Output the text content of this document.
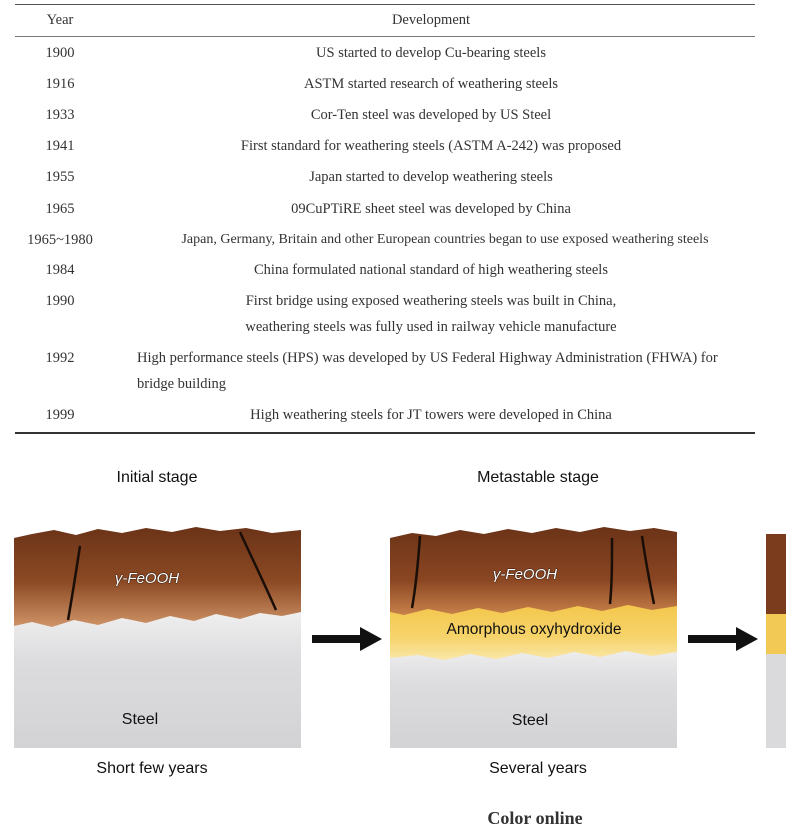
Year	Development
1900	US started to develop Cu-bearing steels
1916	ASTM started research of weathering steels
1933	Cor-Ten steel was developed by US Steel
1941	First standard for weathering steels (ASTM A-242) was proposed
1955	Japan started to develop weathering steels
1965	09CuPTiRE sheet steel was developed by China
1965~1980	Japan, Germany, Britain and other European countries began to use exposed weathering steels
1984	China formulated national standard of high weathering steels
1990	First bridge using exposed weathering steels was built in China,
weathering steels was fully used in railway vehicle manufacture
1992	High performance steels (HPS) was developed by US Federal Highway Administration (FHWA) for
bridge building
1999	High weathering steels for JT towers were developed in China
Initial stage	Metastable stage
γ-FeOOH
Steel
γ-FeOOH
Amorphous oxyhydroxide
Steel
Short few years	Several years
Color online
